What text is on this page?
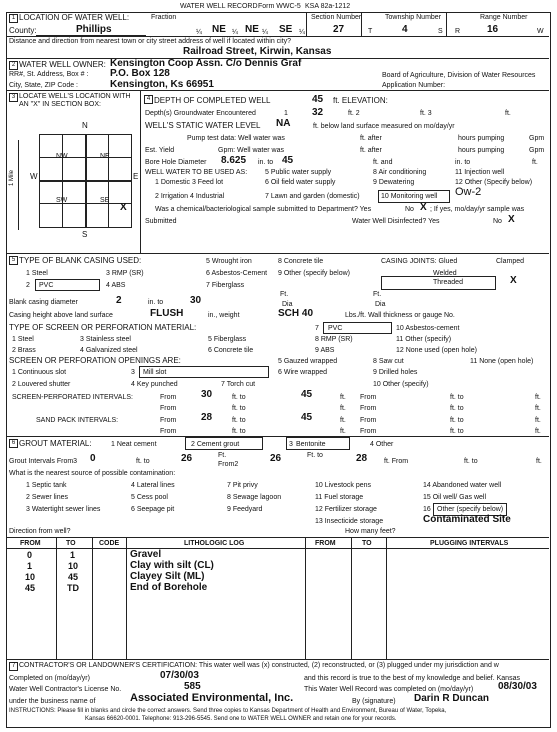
WATER WELL RECORD Form WWC-5 KSA 82a-1212
1 LOCATION OF WATER WELL:	Fraction
County:	Phillips	¼ NE ¼ NE ¼ SE ¼
Section Number
27
Township Number
T	4	S
Range Number
R	16	W
Distance and direction from nearest town or city street address of well if located within city?
Railroad Street, Kirwin, Kansas
2 WATER WELL OWNER: Kensington Coop Assn. C/o Dennis Graf
RR#, St. Address, Box # : P.O. Box 128	Board of Agriculture, Division of Water Resources
City, State, ZIP Code :	Kensington, Ks 66951	Application Number:
3 LOCATE WELL'S LOCATION WITH AN "X" IN SECTION BOX:
N
S
W	E
NW	NE
SW	SE
X
1 Mile
4 DEPTH OF COMPLETED WELL	45 ft. ELEVATION:
Depth(s) Groundwater Encountered	1 32	ft. 2	ft. 3	ft.
WELL'S STATIC WATER LEVEL NA	ft. below land surface measured on mo/day/yr
Pump test data: Well water was	ft. after	hours pumping	Gpm
Est. Yield	Gpm: Well water was	ft. after	hours pumping	Gpm
Bore Hole Diameter 8.625 in. to 45	ft. and	in. to	ft.
WELL WATER TO BE USED AS:	5 Public water supply	8 Air conditioning	11 Injection well
1 Domestic 3 Feed lot	6 Oil field water supply	9 Dewatering	12 Other (Specify below)
2 Irrigation 4 Industrial	7 Lawn and garden (domestic)	10 Monitoring well Ow-2
Was a chemical/bacteriological sample submitted to Department? Yes	No X ; If yes, mo/day/yr sample was
Submitted	Water Well Disinfected? Yes	No X
5 TYPE OF BLANK CASING USED:	5 Wrought iron	8 Concrete tile	CASING JOINTS: Glued	Clamped
1 Steel	3 RMP (SR)	6 Asbestos-Cement 9 Other (specify below)	Welded
2 PVC	4 ABS	7 Fiberglass	Threaded	X
Ft.	Ft.
Blank casing diameter	2	in. to	30	Dia	Dia
Casing height above land surface	FLUSH	in., weight	SCH 40	Lbs./ft. Wall thickness or gauge No.
TYPE OF SCREEN OR PERFORATION MATERIAL:	7 PVC	10 Asbestos-cement
1 Steel	3 Stainless steel	5 Fiberglass	8 RMP (SR)	11 Other (specify)
2 Brass	4 Galvanized steel	6 Concrete tile	9 ABS	12 None used (open hole)
SCREEN OR PERFORATION OPENINGS ARE:	5 Gauzed wrapped	8 Saw cut	11 None (open hole)
1 Continuous slot	3 Mill slot	6 Wire wrapped	9 Drilled holes
2 Louvered shutter	4 Key punched	7 Torch cut	10 Other (specify)
SCREEN-PERFORATED INTERVALS:	From 30	ft. to	45	ft. From	ft. to	ft.
From	ft. to	ft. From	ft. to	ft.
SAND PACK INTERVALS:	From 28	ft. to	45	ft. From	ft. to	ft.
From	ft. to	ft. From	ft. to	ft.
6 GROUT MATERIAL:	1 Neat cement	2 Cement grout	3 Bentonite	4 Other
Grout Intervals From3 0	ft. to	26	Ft. From2
26	Ft. to	28 ft. From	ft. to	ft.
What is the nearest source of possible contamination:
1 Septic tank	4 Lateral lines	7 Pit privy	10 Livestock pens	14 Abandoned water well
2 Sewer lines	5 Cess pool	8 Sewage lagoon	11 Fuel storage	15 Oil well/ Gas well
3 Watertight sewer lines	6 Seepage pit	9 Feedyard	12 Fertilizer storage	16 Other (specify below)
13 Insecticide storage	Contaminated Site
Direction from well?	How many feet?
FROM	TO	CODE	LITHOLOGIC LOG	FROM	TO	PLUGGING INTERVALS
0	1	Gravel
1	10	Clay with silt (CL)
10	45	Clayey Silt (ML)
45	TD	End of Borehole
7 CONTRACTOR'S OR LANDOWNER'S CERTIFICATION: This water well was (x) constructed, (2) reconstructed, or (3) plugged under my jurisdiction and w
Completed on (mo/day/yr)	07/30/03	and this record is true to the best of my knowledge and belief. Kansas
Water Well Contractor's License No.	585	This Water Well Record was completed on (mo/day/yr) 08/30/03
under the business name of	Associated Environmental, Inc.	By (signature) Darin R Duncan
INSTRUCTIONS: Please fill in blanks and circle the correct answers. Send three copies to Kansas Department of Health and Environment, Bureau of Water, Topeka,
Kansas 66620-0001. Telephone: 913-296-5545. Send one to WATER WELL OWNER and retain one for your records.
